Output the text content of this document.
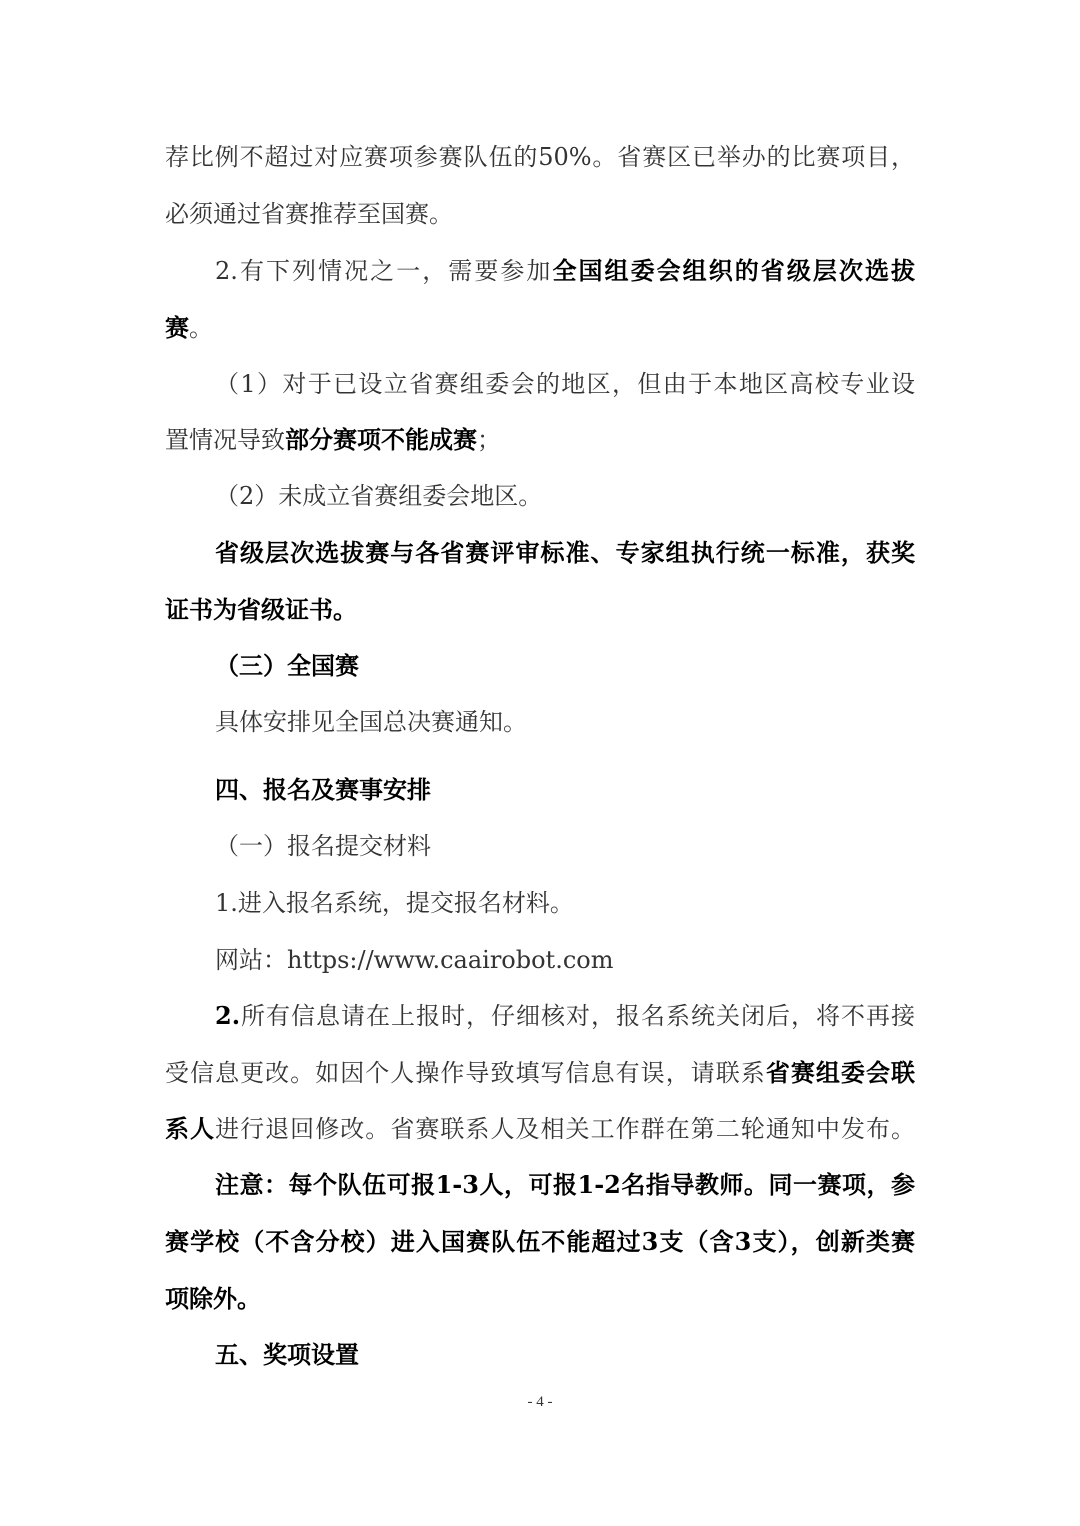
荐比例不超过对应赛项参赛队伍的50%。省赛区已举办的比赛项目，
必须通过省赛推荐至国赛。
2.有下列情况之一，需要参加全国组委会组织的省级层次选拔
赛。
（1）对于已设立省赛组委会的地区，但由于本地区高校专业设
置情况导致部分赛项不能成赛；
（2）未成立省赛组委会地区。
省级层次选拔赛与各省赛评审标准、专家组执行统一标准，获奖
证书为省级证书。
（三）全国赛
具体安排见全国总决赛通知。
四、报名及赛事安排
（一）报名提交材料
1.进入报名系统，提交报名材料。
网站：https://www.caairobot.com
2.所有信息请在上报时，仔细核对，报名系统关闭后，将不再接
受信息更改。如因个人操作导致填写信息有误，请联系省赛组委会联
系人进行退回修改。省赛联系人及相关工作群在第二轮通知中发布。
注意：每个队伍可报1-3人，可报1-2名指导教师。同一赛项，参
赛学校（不含分校）进入国赛队伍不能超过3支（含3支），创新类赛
项除外。
五、奖项设置
- 4 -
